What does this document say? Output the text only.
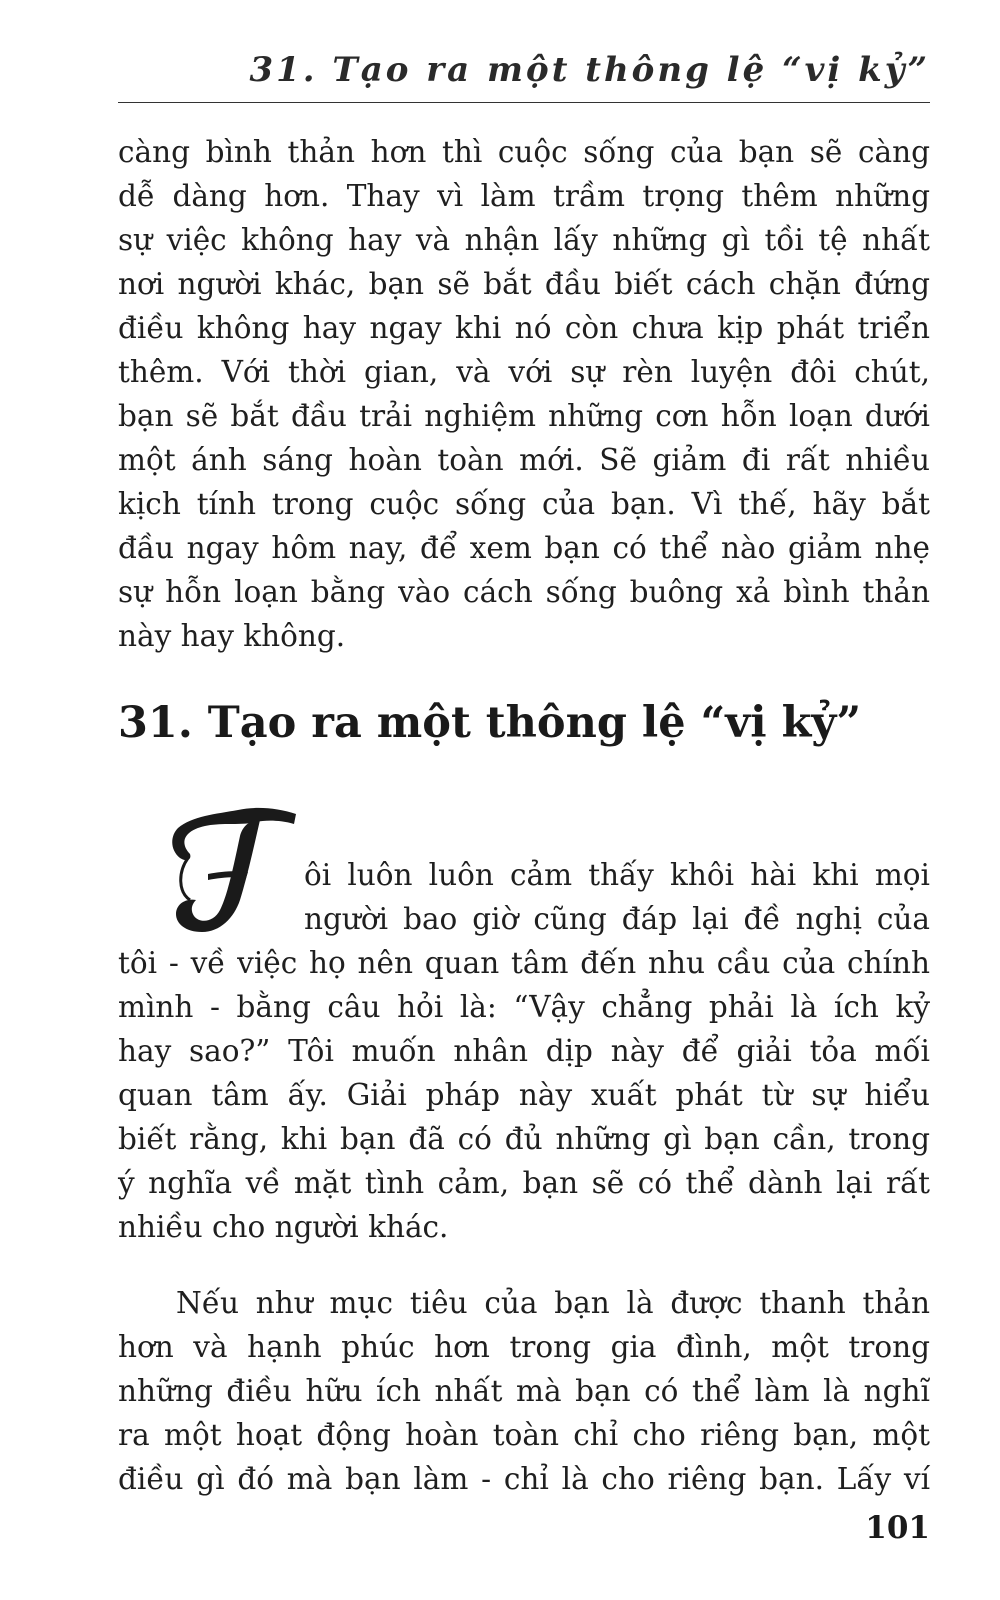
31. Tạo ra một thông lệ “vị kỷ”
càng bình thản hơn thì cuộc sống của bạn sẽ càng
dễ dàng hơn. Thay vì làm trầm trọng thêm những
sự việc không hay và nhận lấy những gì tồi tệ nhất
nơi người khác, bạn sẽ bắt đầu biết cách chặn đứng
điều không hay ngay khi nó còn chưa kịp phát triển
thêm. Với thời gian, và với sự rèn luyện đôi chút,
bạn sẽ bắt đầu trải nghiệm những cơn hỗn loạn dưới
một ánh sáng hoàn toàn mới. Sẽ giảm đi rất nhiều
kịch tính trong cuộc sống của bạn. Vì thế, hãy bắt
đầu ngay hôm nay, để xem bạn có thể nào giảm nhẹ
sự hỗn loạn bằng vào cách sống buông xả bình thản
này hay không.
31. Tạo ra một thông lệ “vị kỷ”
ôi luôn luôn cảm thấy khôi hài khi mọi
người bao giờ cũng đáp lại đề nghị của
tôi - về việc họ nên quan tâm đến nhu cầu của chính
mình - bằng câu hỏi là: “Vậy chẳng phải là ích kỷ
hay sao?” Tôi muốn nhân dịp này để giải tỏa mối
quan tâm ấy. Giải pháp này xuất phát từ sự hiểu
biết rằng, khi bạn đã có đủ những gì bạn cần, trong
ý nghĩa về mặt tình cảm, bạn sẽ có thể dành lại rất
nhiều cho người khác.
Nếu như mục tiêu của bạn là được thanh thản
hơn và hạnh phúc hơn trong gia đình, một trong
những điều hữu ích nhất mà bạn có thể làm là nghĩ
ra một hoạt động hoàn toàn chỉ cho riêng bạn, một
điều gì đó mà bạn làm - chỉ là cho riêng bạn. Lấy ví
101
